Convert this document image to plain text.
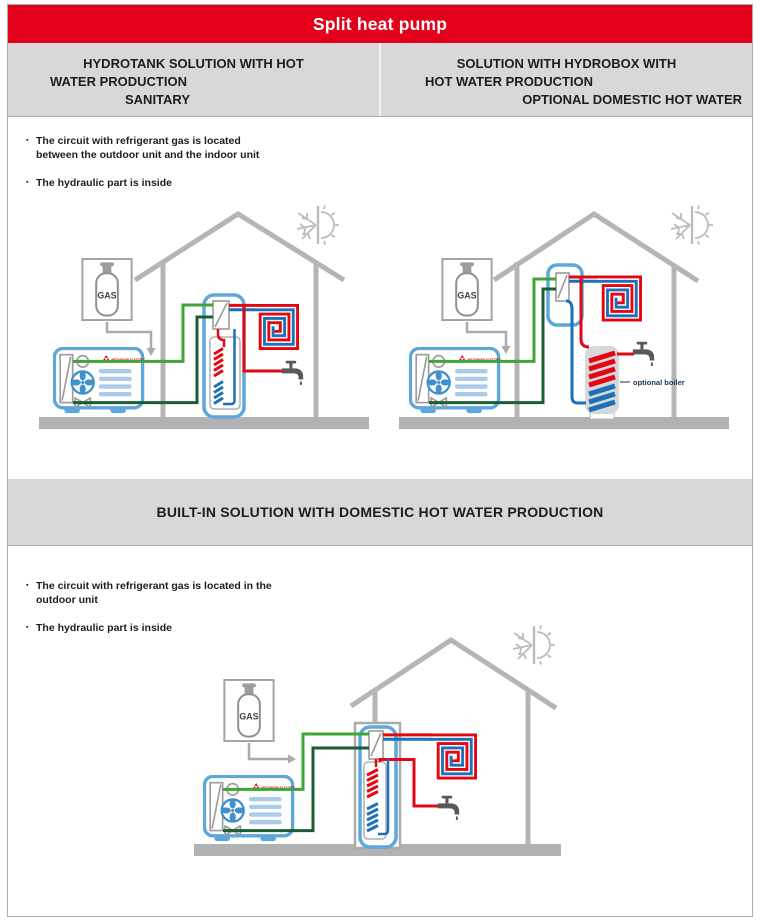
Split heat pump
HYDROTANK SOLUTION WITH HOT
WATER PRODUCTION
SANITARY
SOLUTION WITH HYDROBOX WITH
HOT WATER PRODUCTION
OPTIONAL DOMESTIC HOT WATER
▪ The circuit with refrigerant gas is located between the outdoor unit and the indoor unit
▪ The hydraulic part is inside
optional boiler
BUILT-IN SOLUTION WITH DOMESTIC HOT WATER PRODUCTION
▪ The circuit with refrigerant gas is located in the outdoor unit
▪ The hydraulic part is inside
